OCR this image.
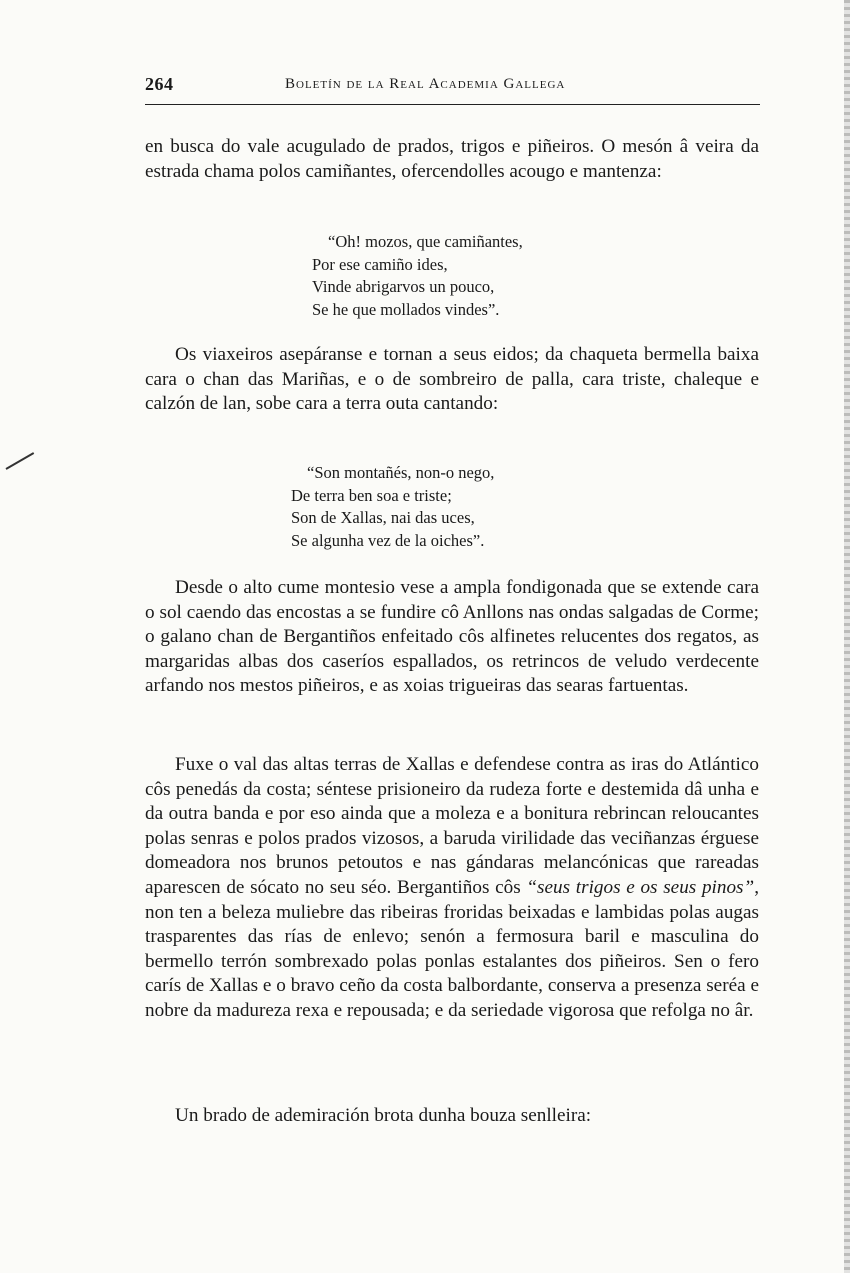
264	Boletín de la Real Academia Gallega

en busca do vale acugulado de prados, trigos e piñeiros. O mesón â veira da estrada chama polos camiñantes, ofercendolles acougo e mantenza:

“Oh! mozos, que camiñantes,
Por ese camiño ides,
Vinde abrigarvos un pouco,
Se he que mollados vindes”.

Os viaxeiros asepáranse e tornan a seus eidos; da chaqueta bermella baixa cara o chan das Mariñas, e o de sombreiro de palla, cara triste, chaleque e calzón de lan, sobe cara a terra outa cantando:

“Son montañés, non-o nego,
De terra ben soa e triste;
Son de Xallas, nai das uces,
Se algunha vez de la oiches”.

Desde o alto cume montesio vese a ampla fondigonada que se extende cara o sol caendo das encostas a se fundire cô Anllons nas ondas salgadas de Corme; o galano chan de Bergantiños enfeitado côs alfinetes relucentes dos regatos, as margaridas albas dos caseríos espallados, os retrincos de veludo verdecente arfando nos mestos piñeiros, e as xoias trigueiras das searas fartuentas.

Fuxe o val das altas terras de Xallas e defendese contra as iras do Atlántico côs penedás da costa; séntese prisioneiro da rudeza forte e destemida dâ unha e da outra banda e por eso ainda que a moleza e a bonitura rebrincan reloucantes polas senras e polos prados vizosos, a baruda virilidade das veciñanzas érguese domeadora nos brunos petoutos e nas gándaras melancónicas que rareadas aparescen de sócato no seu séo. Bergantiños côs “seus trigos e os seus pinos”, non ten a beleza muliebre das ribeiras froridas beixadas e lambidas polas augas trasparentes das rías de enlevo; senón a fermosura baril e masculina do bermello terrón sombrexado polas ponlas estalantes dos piñeiros. Sen o fero carís de Xallas e o bravo ceño da costa balbordante, conserva a presenza seréa e nobre da madureza rexa e repousada; e da seriedade vigorosa que refolga no âr.

Un brado de ademiración brota dunha bouza senlleira:
